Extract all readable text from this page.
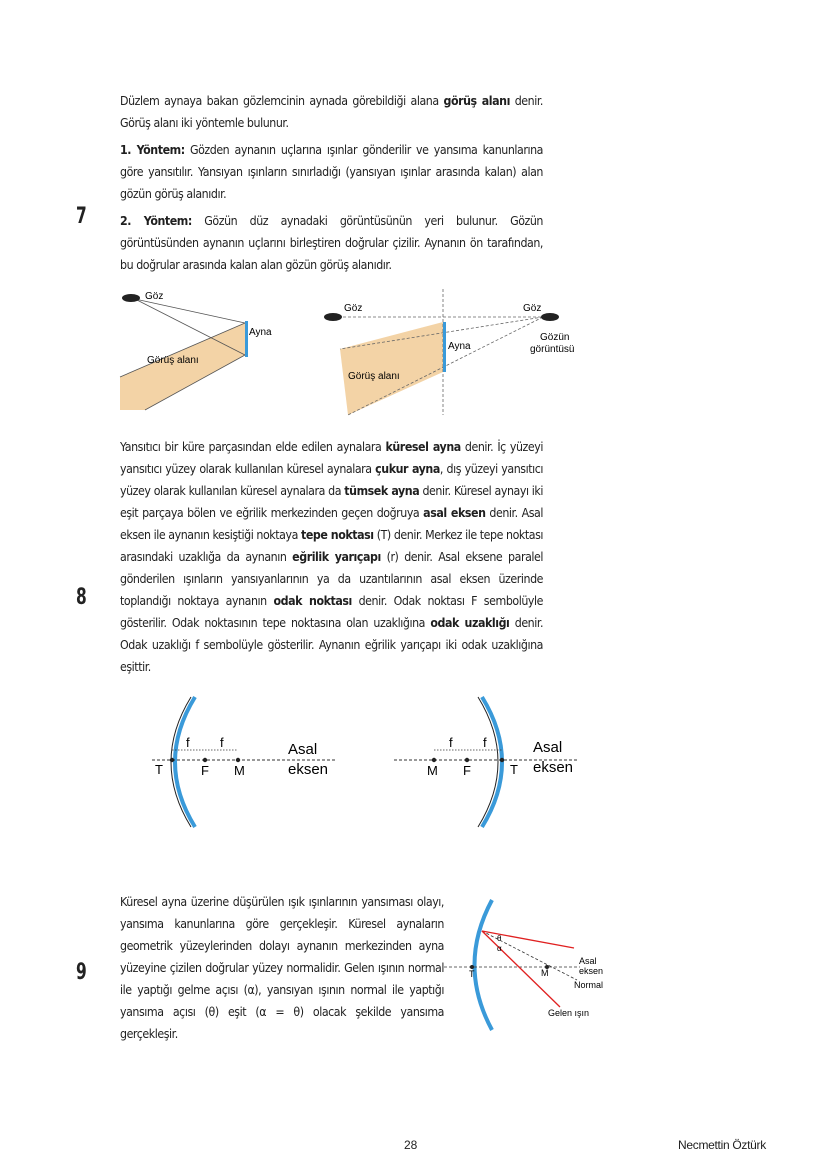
7

Düzlem aynaya bakan gözlemcinin aynada görebildiği alana görüş alanı denir. Görüş alanı iki yöntemle bulunur.

1. Yöntem: Gözden aynanın uçlarına ışınlar gönderilir ve yansıma kanunlarına göre yansıtılır. Yansıyan ışınların sınırladığı (yansıyan ışınlar arasında kalan) alan gözün görüş alanıdır.

2. Yöntem: Gözün düz aynadaki görüntüsünün yeri bulunur. Gözün görüntüsünden aynanın uçlarını birleştiren doğrular çizilir. Aynanın ön tarafından, bu doğrular arasında kalan alan gözün görüş alanıdır.

Göz
Ayna
Görüş alanı
Göz	Göz
Ayna
Gözün
görüntüsü
Görüş alanı
8

Yansıtıcı bir küre parçasından elde edilen aynalara küresel ayna denir. İç yüzeyi yansıtıcı yüzey olarak kullanılan küresel aynalara çukur ayna, dış yüzeyi yansıtıcı yüzey olarak kullanılan küresel aynalara da tümsek ayna denir. Küresel aynayı iki eşit parçaya bölen ve eğrilik merkezinden geçen doğruya asal eksen denir. Asal eksen ile aynanın kesiştiği noktaya tepe noktası (T) denir. Merkez ile tepe noktası arasındaki uzaklığa da aynanın eğrilik yarıçapı (r) denir. Asal eksene paralel gönderilen ışınların yansıyanlarının ya da uzantılarının asal eksen üzerinde toplandığı noktaya aynanın odak noktası denir. Odak noktası F sembolüyle gösterilir. Odak noktasının tepe noktasına olan uzaklığına odak uzaklığı denir. Odak uzaklığı f sembolüyle gösterilir. Aynanın eğrilik yarıçapı iki odak uzaklığına eşittir.

f f
T	F M
Asal
eksen
f f
M F	T
Asal
eksen
9

Küresel ayna üzerine düşürülen ışık ışınlarının yansıması olayı, yansıma kanunlarına göre gerçekleşir. Küresel aynaların geometrik yüzeylerinden dolayı aynanın merkezinden ayna yüzeyine çizilen doğrular yüzey normalidir. Gelen ışının normal ile yaptığı gelme açısı (α), yansıyan ışının normal ile yaptığı yansıma açısı (θ) eşit (α = θ) olacak şekilde yansıma gerçekleşir.

θ
α
T	M
Asal
eksen
Normal
Gelen ışın
28	Necmettin Öztürk
